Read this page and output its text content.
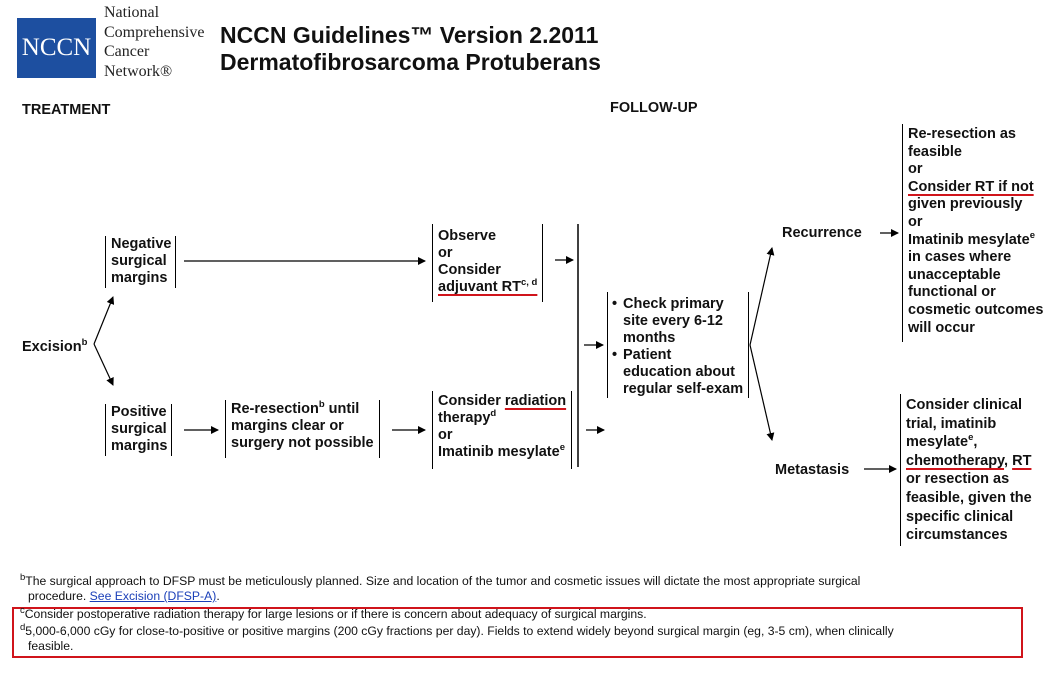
NCCN
National
Comprehensive
Cancer
Network®
NCCN Guidelines™ Version 2.2011
Dermatofibrosarcoma Protuberans
TREATMENT	FOLLOW-UP
Excision$^b$
Negative
surgical
margins
Positive
surgical
margins
Re-resection$^b$ until
margins clear or
surgery not possible
Observe
or
Consider
adjuvant RT$^{c, d}$
Consider radiation
therapy$^d$
or
Imatinib mesylate$^e$
• Check primary
site every 6-12
months
• Patient
education about
regular self-exam
Recurrence
Metastasis
Re-resection as
feasible
or
Consider RT if not
given previously
or
Imatinib mesylate$^e$
in cases where
unacceptable
functional or
cosmetic outcomes
will occur
Consider clinical
trial, imatinib
mesylate$^e$,
chemotherapy, RT
or resection as
feasible, given the
specific clinical
circumstances
$^b$The surgical approach to DFSP must be meticulously planned. Size and location of the tumor and cosmetic issues will dictate the most appropriate surgical
procedure. See Excision (DFSP-A).
$^c$Consider postoperative radiation therapy for large lesions or if there is concern about adequacy of surgical margins.
$^d$5,000-6,000 cGy for close-to-positive or positive margins (200 cGy fractions per day). Fields to extend widely beyond surgical margin (eg, 3-5 cm), when clinically
feasible.
